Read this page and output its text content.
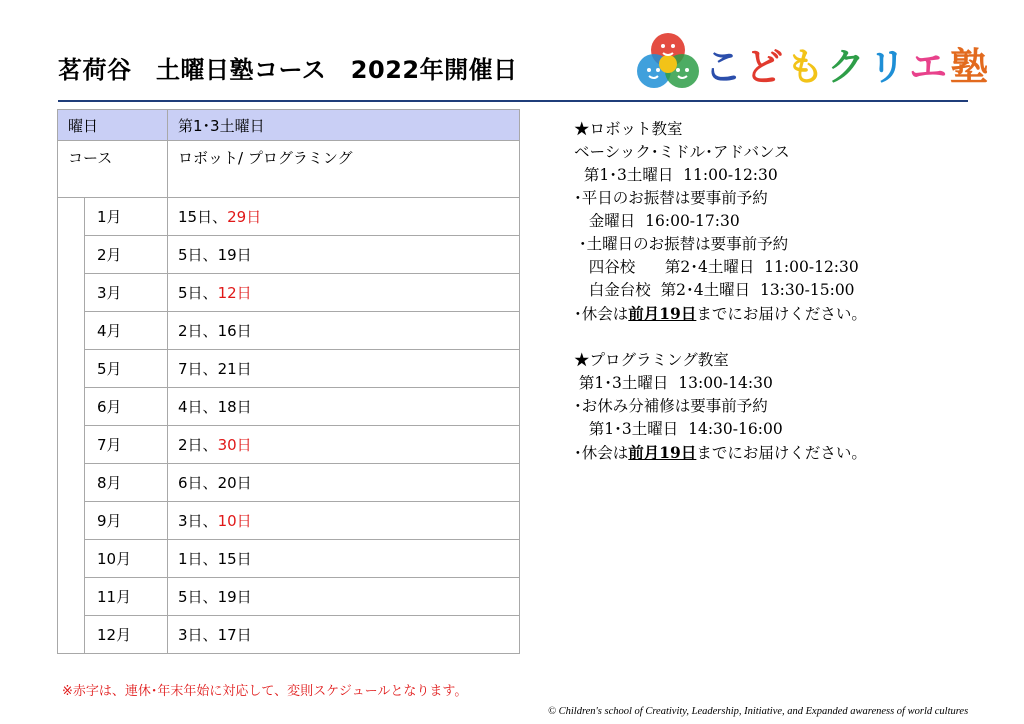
茗荷谷　土曜日塾コース　2022年開催日	こどもクリエ塾
曜日		第1･3土曜日
コース		ロボット/ プログラミング
	1月	15日、29日
	2月	5日、19日
	3月	5日、12日
	4月	2日、16日
	5月	7日、21日
	6月	4日、18日
	7月	2日、30日
	8月	6日、20日
	9月	3日、10日
	10月	1日、15日
	11月	5日、19日
	12月	3日、17日
※赤字は、連休･年末年始に対応して、変則スケジュールとなります。
★ロボット教室
ベーシック･ミドル･アドバンス
第1･3土曜日  11:00-12:30
･平日のお振替は要事前予約
金曜日  16:00-17:30
･土曜日のお振替は要事前予約
四谷校      第2･4土曜日  11:00-12:30
白金台校  第2･4土曜日  13:30-15:00
･休会は前月19日までにお届けください。
★プログラミング教室
第1･3土曜日  13:00-14:30
･お休み分補修は要事前予約
第1･3土曜日  14:30-16:00
･休会は前月19日までにお届けください。
© Children's school of Creativity, Leadership, Initiative, and Expanded awareness of world cultures
